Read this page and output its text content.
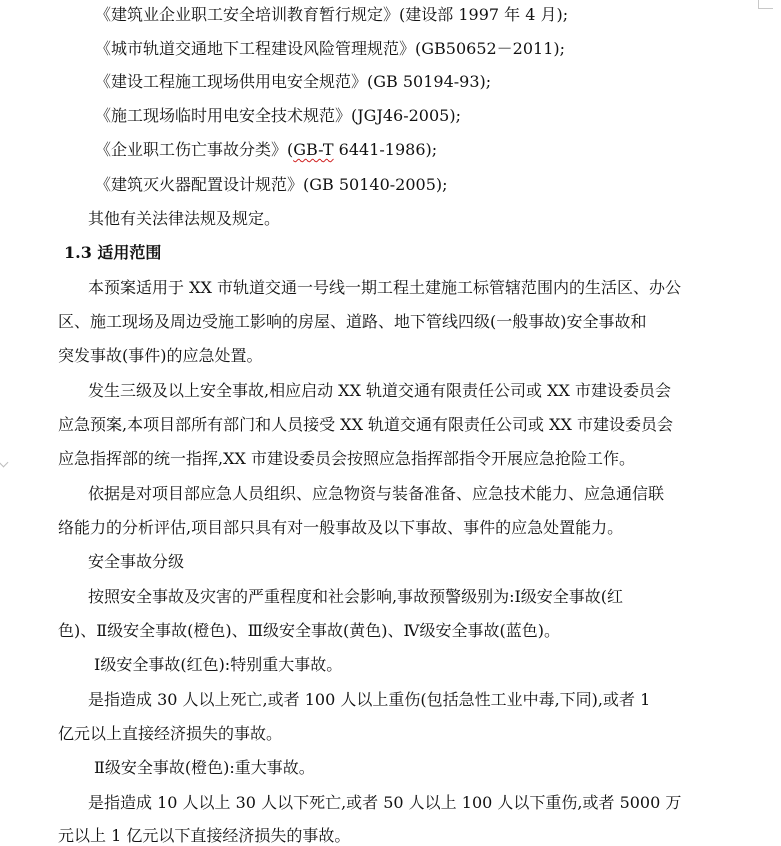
《建筑业企业职工安全培训教育暂行规定》(建设部 1997 年 4 月);
《城市轨道交通地下工程建设风险管理规范》(GB50652－2011);
《建设工程施工现场供用电安全规范》(GB 50194-93);
《施工现场临时用电安全技术规范》(JGJ46-2005);
《企业职工伤亡事故分类》(GB-T 6441-1986);
《建筑灭火器配置设计规范》(GB 50140-2005);
其他有关法律法规及规定。
1.3 适用范围
本预案适用于 XX 市轨道交通一号线一期工程土建施工标管辖范围内的生活区、办公
区、施工现场及周边受施工影响的房屋、道路、地下管线四级(一般事故)安全事故和
突发事故(事件)的应急处置。
发生三级及以上安全事故,相应启动 XX 轨道交通有限责任公司或 XX 市建设委员会
应急预案,本项目部所有部门和人员接受 XX 轨道交通有限责任公司或 XX 市建设委员会
应急指挥部的统一指挥,XX 市建设委员会按照应急指挥部指令开展应急抢险工作。
依据是对项目部应急人员组织、应急物资与装备准备、应急技术能力、应急通信联
络能力的分析评估,项目部只具有对一般事故及以下事故、事件的应急处置能力。
安全事故分级
按照安全事故及灾害的严重程度和社会影响,事故预警级别为:Ⅰ级安全事故(红
色)、Ⅱ级安全事故(橙色)、Ⅲ级安全事故(黄色)、Ⅳ级安全事故(蓝色)。
Ⅰ级安全事故(红色):特别重大事故。
是指造成 30 人以上死亡,或者 100 人以上重伤(包括急性工业中毒,下同),或者 1
亿元以上直接经济损失的事故。
Ⅱ级安全事故(橙色):重大事故。
是指造成 10 人以上 30 人以下死亡,或者 50 人以上 100 人以下重伤,或者 5000 万
元以上 1 亿元以下直接经济损失的事故。
